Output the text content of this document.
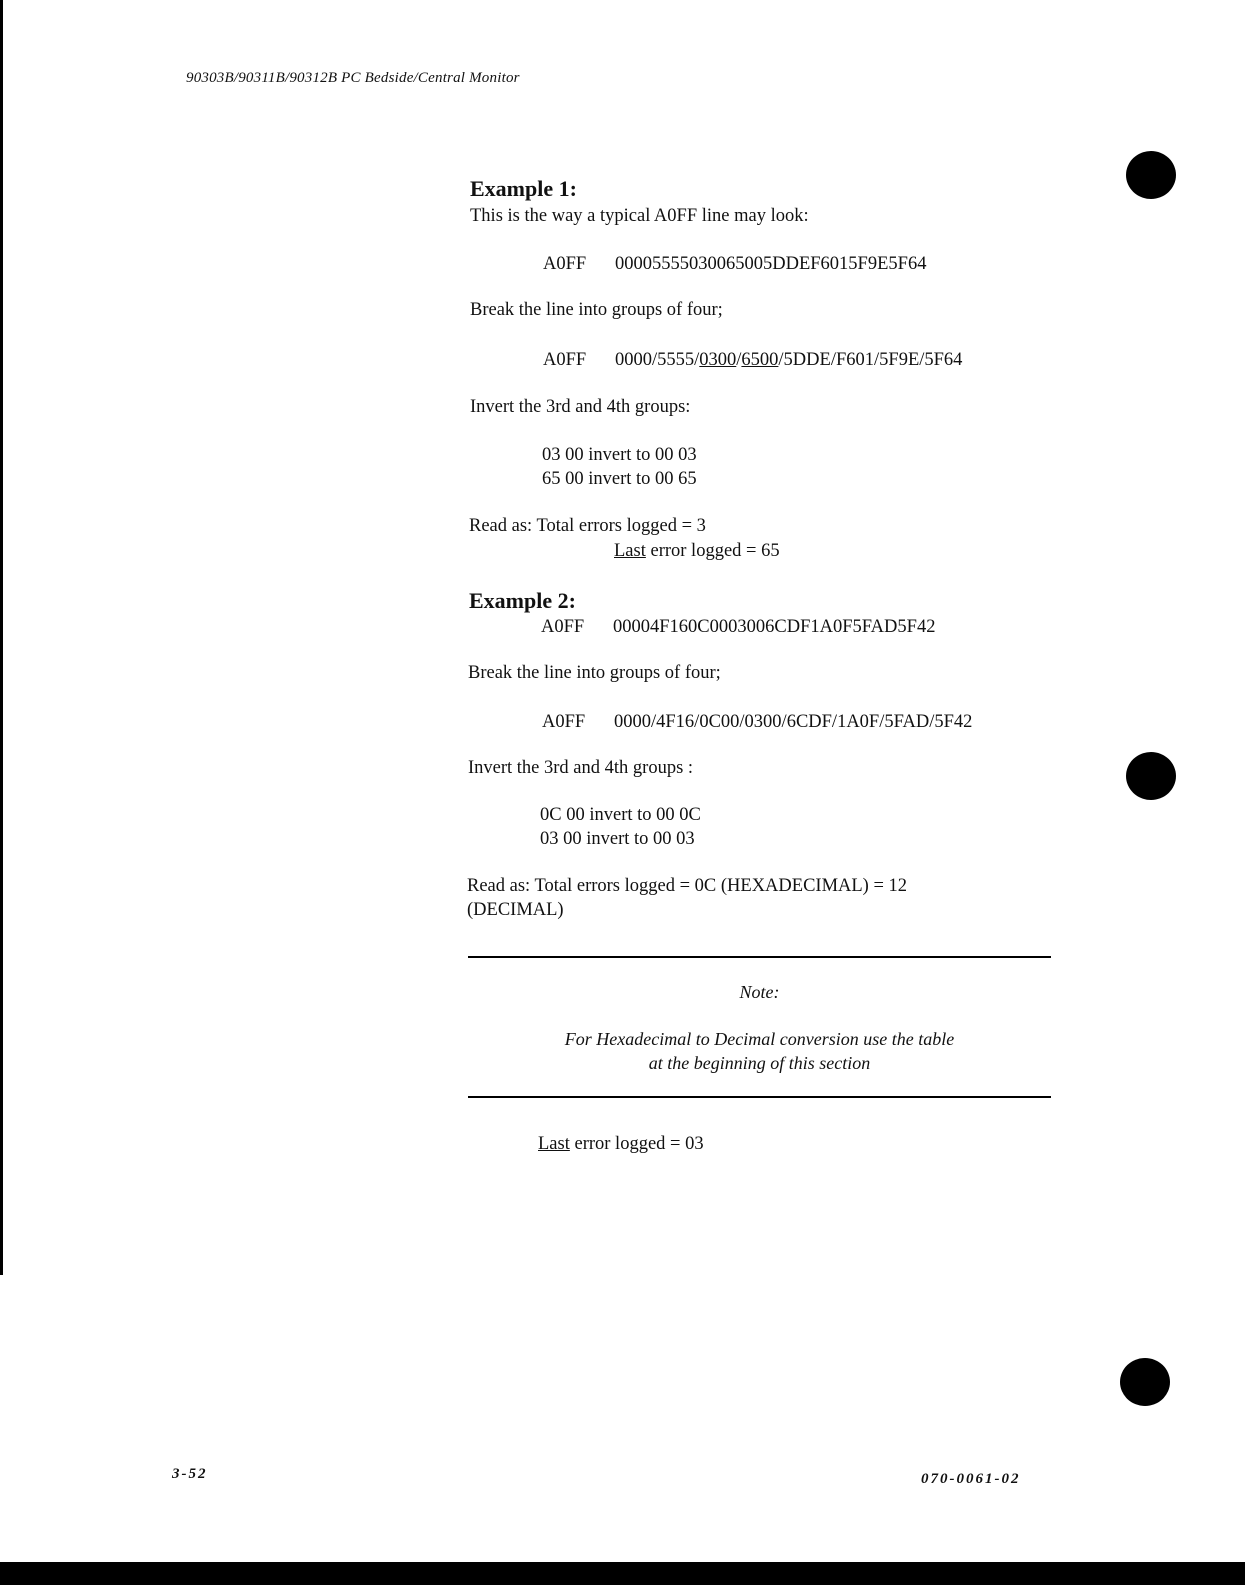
90303B/90311B/90312B PC Bedside/Central Monitor
Example 1:
This is the way a typical A0FF line may look:
A0FF 00005555030065005DDEF6015F9E5F64
Break the line into groups of four;
A0FF 0000/5555/0300/6500/5DDE/F601/5F9E/5F64
Invert the 3rd and 4th groups:
03 00 invert to 00 03
65 00 invert to 00 65
Read as: Total errors logged = 3
Last error logged = 65
Example 2:
A0FF 00004F160C0003006CDF1A0F5FAD5F42
Break the line into groups of four;
A0FF 0000/4F16/0C00/0300/6CDF/1A0F/5FAD/5F42
Invert the 3rd and 4th groups :
0C 00 invert to 00 0C
03 00 invert to 00 03
Read as: Total errors logged = 0C (HEXADECIMAL) = 12
(DECIMAL)
Note:
For Hexadecimal to Decimal conversion use the table
at the beginning of this section
Last error logged = 03
3-52	070-0061-02
